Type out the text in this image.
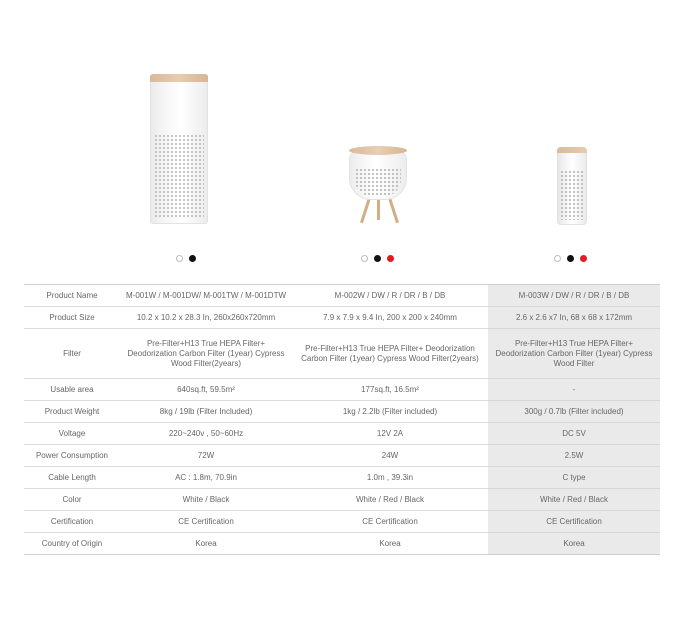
Product Name	M-001W / M-001DW/ M-001TW / M-001DTW	M-002W / DW / R / DR / B / DB	M-003W / DW / R / DR / B / DB
Product Size	10.2 x 10.2 x 28.3 In, 260x260x720mm	7.9 x 7.9 x 9.4 In, 200 x 200 x 240mm	2.6 x 2.6 x7 In, 68 x 68 x 172mm
Filter	Pre-Filter+H13 True HEPA Filter+ Deodorization Carbon Filter (1year) Cypress Wood Filter(2years)	Pre-Filter+H13 True HEPA Filter+ Deodorization Carbon Filter (1year) Cypress Wood Filter(2years)	Pre-Filter+H13 True HEPA Filter+ Deodorization Carbon Filter (1year) Cypress Wood Filter
Usable area	640sq.ft, 59.5m²	177sq.ft, 16.5m²	-
Product Weight	8kg / 19lb (Filter Included)	1kg / 2.2lb (Filter included)	300g / 0.7lb (Filter included)
Voltage	220~240v , 50~60Hz	12V 2A	DC 5V
Power Consumption	72W	24W	2.5W
Cable Length	AC : 1.8m, 70.9in	1.0m , 39.3in	C type
Color	White / Black	White / Red / Black	White / Red / Black
Certification	CE Certification	CE Certification	CE Certification
Country of Origin	Korea	Korea	Korea
